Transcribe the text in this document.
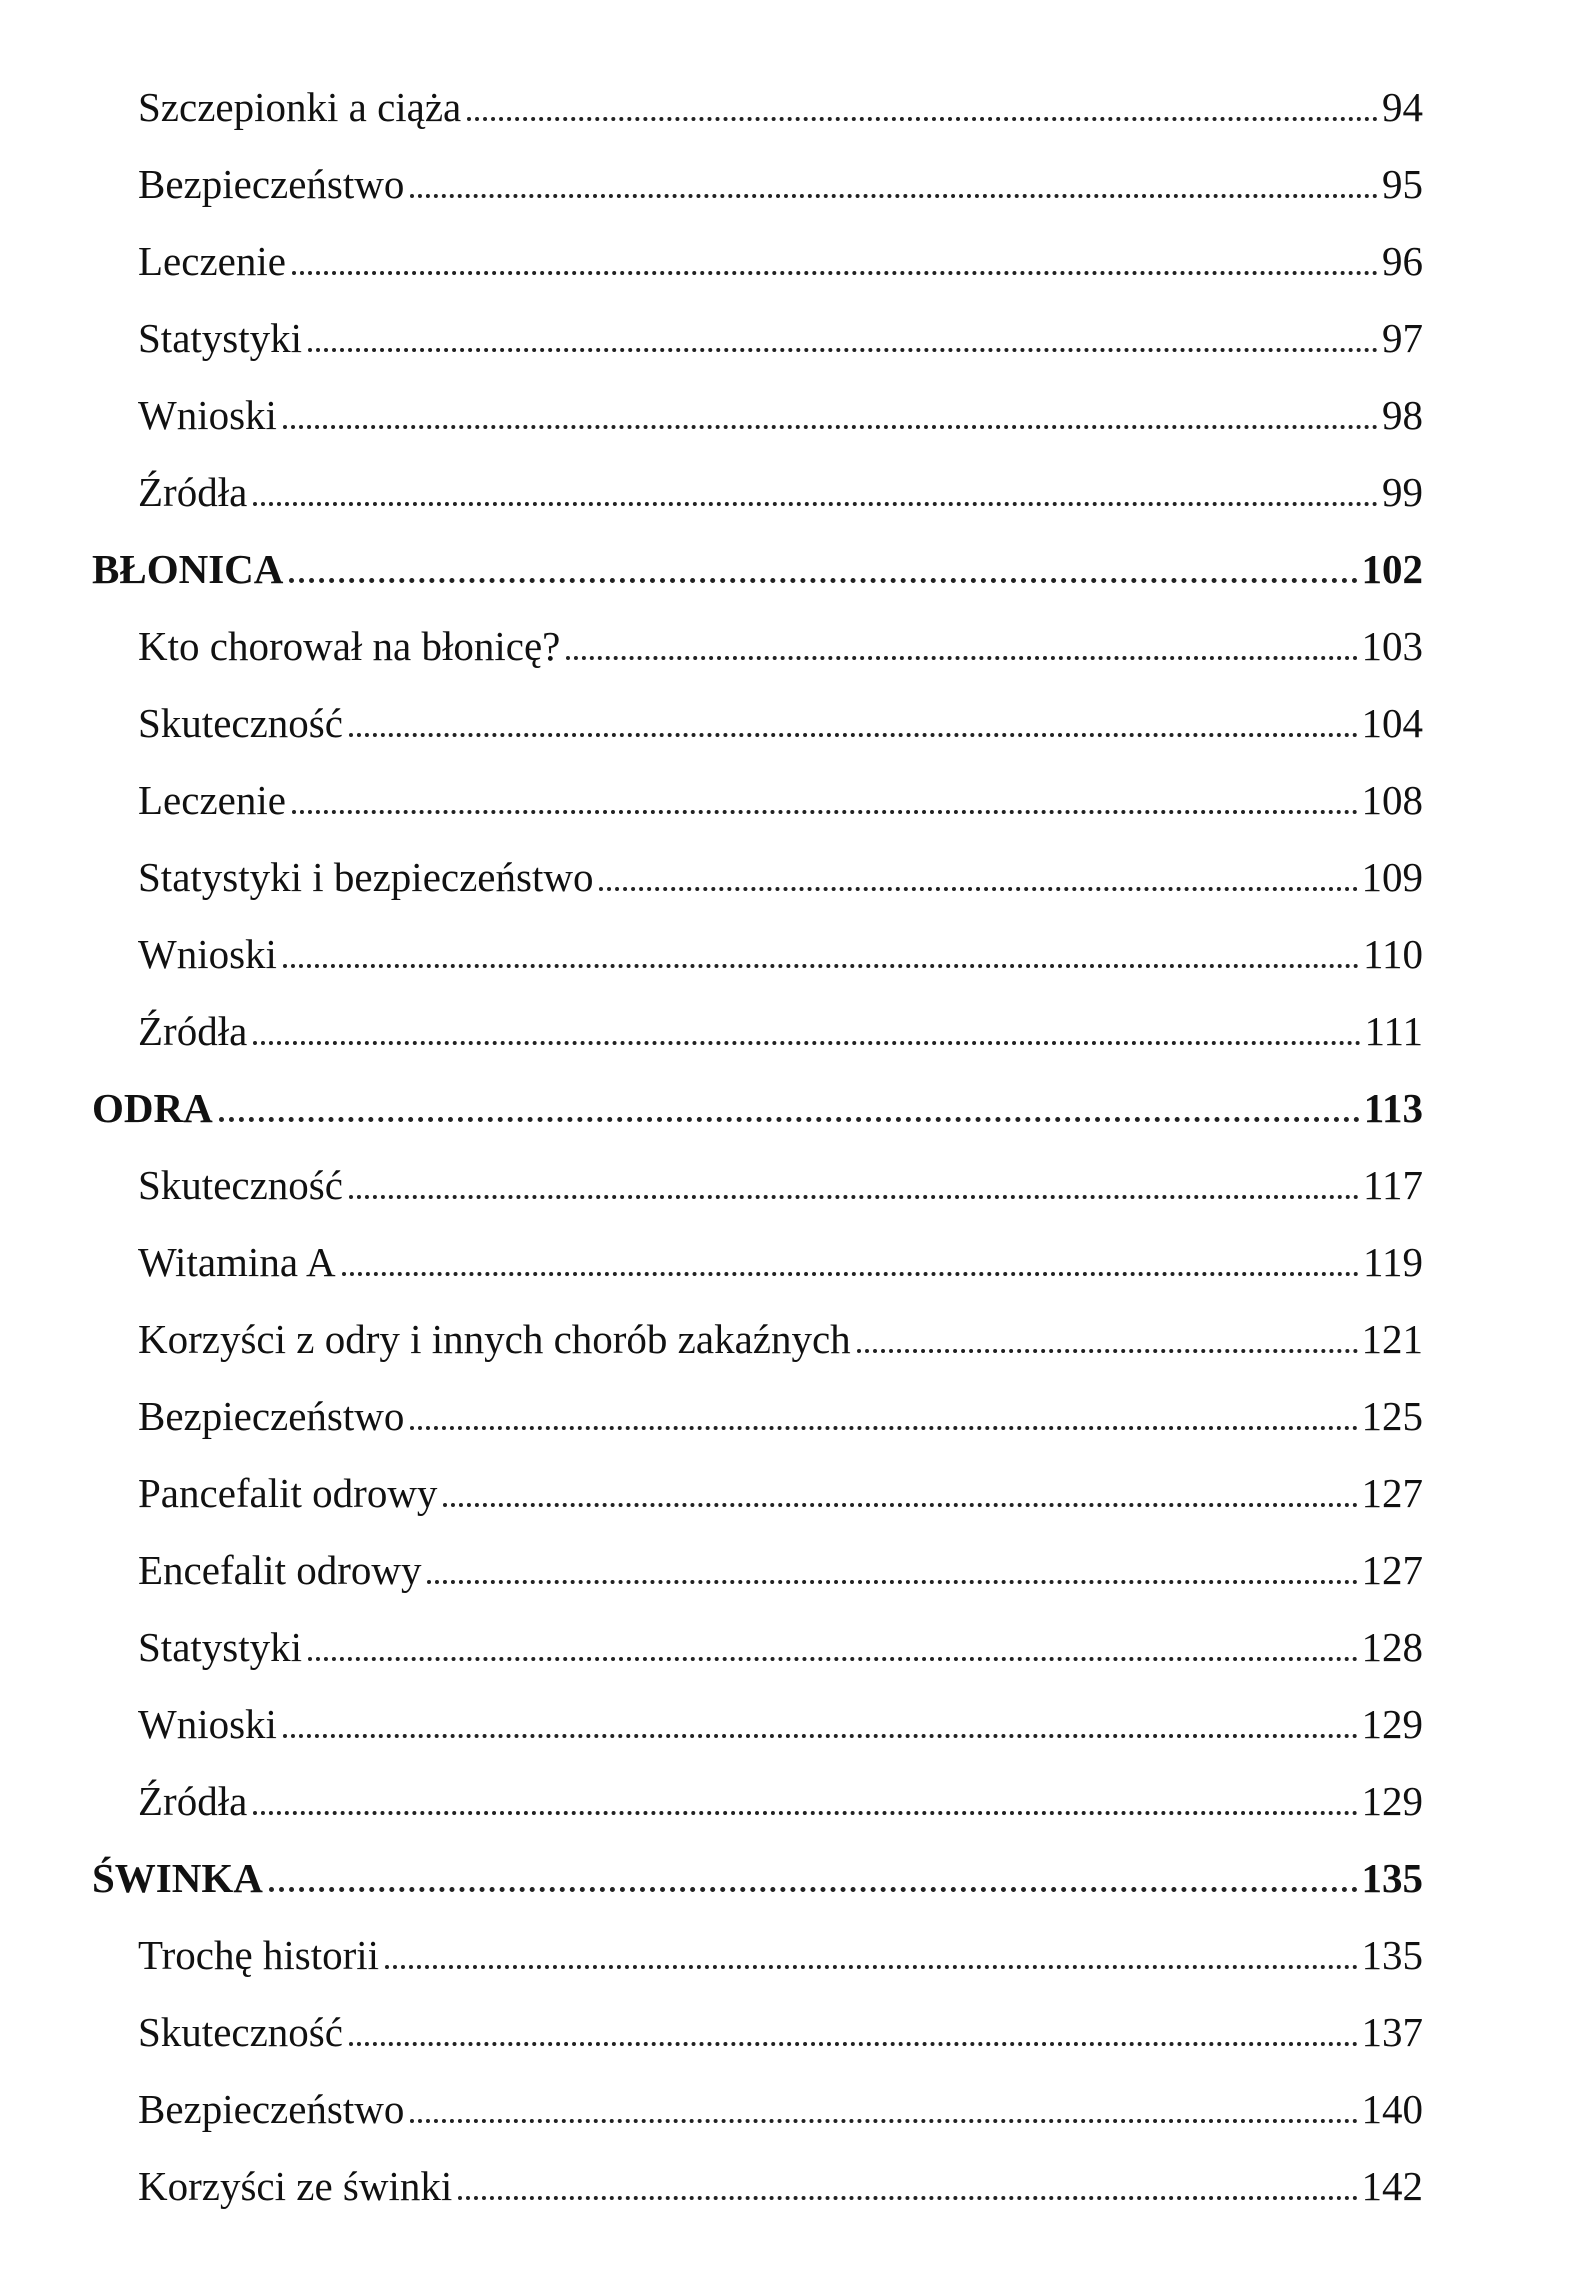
Szczepionki a ciąża	94
Bezpieczeństwo	95
Leczenie	96
Statystyki	97
Wnioski	98
Źródła	99
BŁONICA	102
Kto chorował na błonicę?	103
Skuteczność	104
Leczenie	108
Statystyki i bezpieczeństwo	109
Wnioski	110
Źródła	111
ODRA	113
Skuteczność	117
Witamina A	119
Korzyści z odry i innych chorób zakaźnych	121
Bezpieczeństwo	125
Pancefalit odrowy	127
Encefalit odrowy	127
Statystyki	128
Wnioski	129
Źródła	129
ŚWINKA	135
Trochę historii	135
Skuteczność	137
Bezpieczeństwo	140
Korzyści ze świnki	142
